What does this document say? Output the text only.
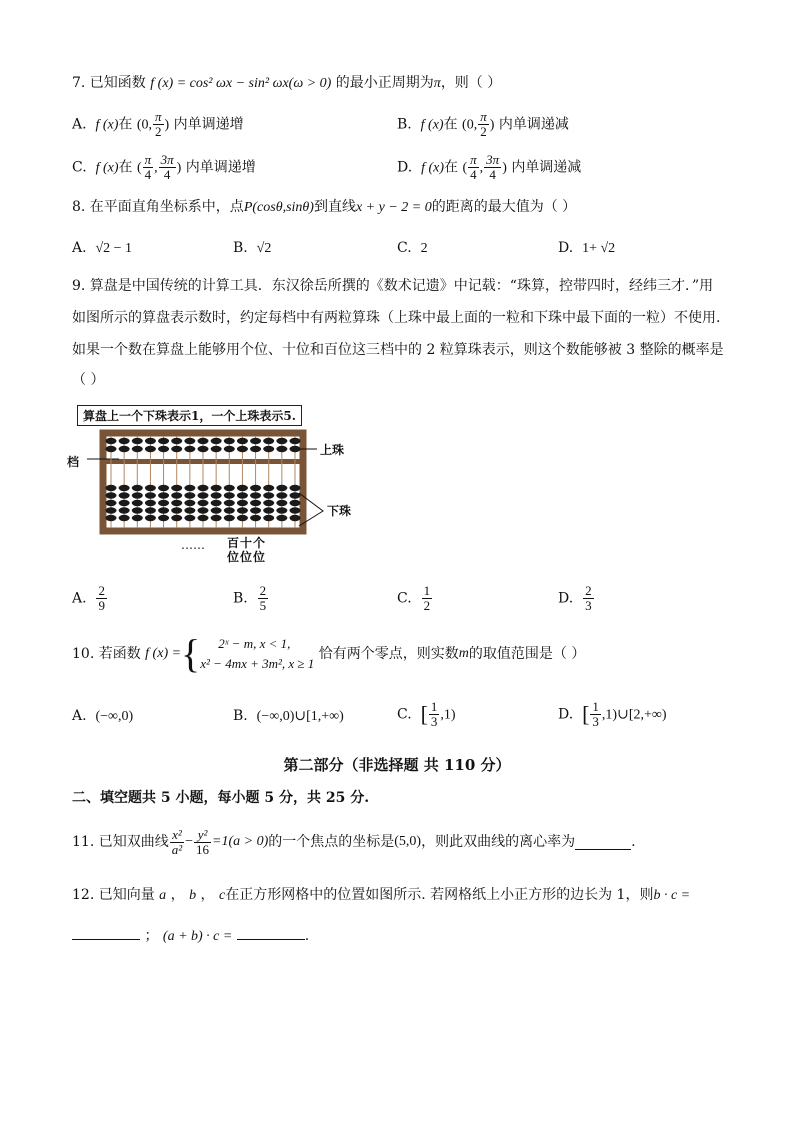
7. 已知函数 f (x) = cos² ωx − sin² ωx(ω > 0) 的最小正周期为π，则（ ）
A. f (x)在 (0, $\frac{\pi}{2}$ ) 内单调递增	B. f (x)在 (0, $\frac{\pi}{2}$ ) 内单调递减
C. f (x)在 ( $\frac{\pi}{4}$ , $\frac{3\pi}{4}$ ) 内单调递增	D. f (x)在 ( $\frac{\pi}{4}$ , $\frac{3\pi}{4}$ ) 内单调递减
8. 在平面直角坐标系中，点P(cosθ,sinθ)到直线x + y − 2 = 0的距离的最大值为（ ）
A. √2 − 1	B. √2	C. 2	D. 1+ √2
9. 算盘是中国传统的计算工具．东汉徐岳所撰的《数术记遗》中记载：“珠算，控带四时，经纬三才．”用
如图所示的算盘表示数时，约定每档中有两粒算珠（上珠中最上面的一粒和下珠中最下面的一粒）不使用.
如果一个数在算盘上能够用个位、十位和百位这三档中的 2 粒算珠表示，则这个数能够被 3 整除的概率是
（ ）
算盘上一个下珠表示1，一个上珠表示5.
档
上珠
下珠
…… 百十个
位位位
A. $\frac{2}{9}$	B. $\frac{2}{5}$	C. $\frac{1}{2}$	D. $\frac{2}{3}$
10. 若函数
f (x) = {	2ˣ − m, x < 1,
x² − 4mx + 3m², x ≥ 1

恰有两个零点，则实数 m 的取值范围是（ ）
A. (−∞,0)	B. (−∞,0)∪[1,+∞)	C. [ $\frac{1}{3} ,1$)	D. [ $\frac{1}{3}$ ,1)∪[2,+∞)
第二部分（非选择题 共 110 分）
二、填空题共 5 小题，每小题 5 分，共 25 分.
11. 已知双曲线 $\frac{\text{x²}}{\text{a²}} - \frac{\text{y²}}{16} =1(a > 0)$ 的一个焦点的坐标是 (5,0) ，则此双曲线的离心率为	.
12. 已知向量 a ， b ， c在正方形网格中的位置如图所示. 若网格纸上小正方形的边长为 1，则b · c =
； (a + b) · c =	.
